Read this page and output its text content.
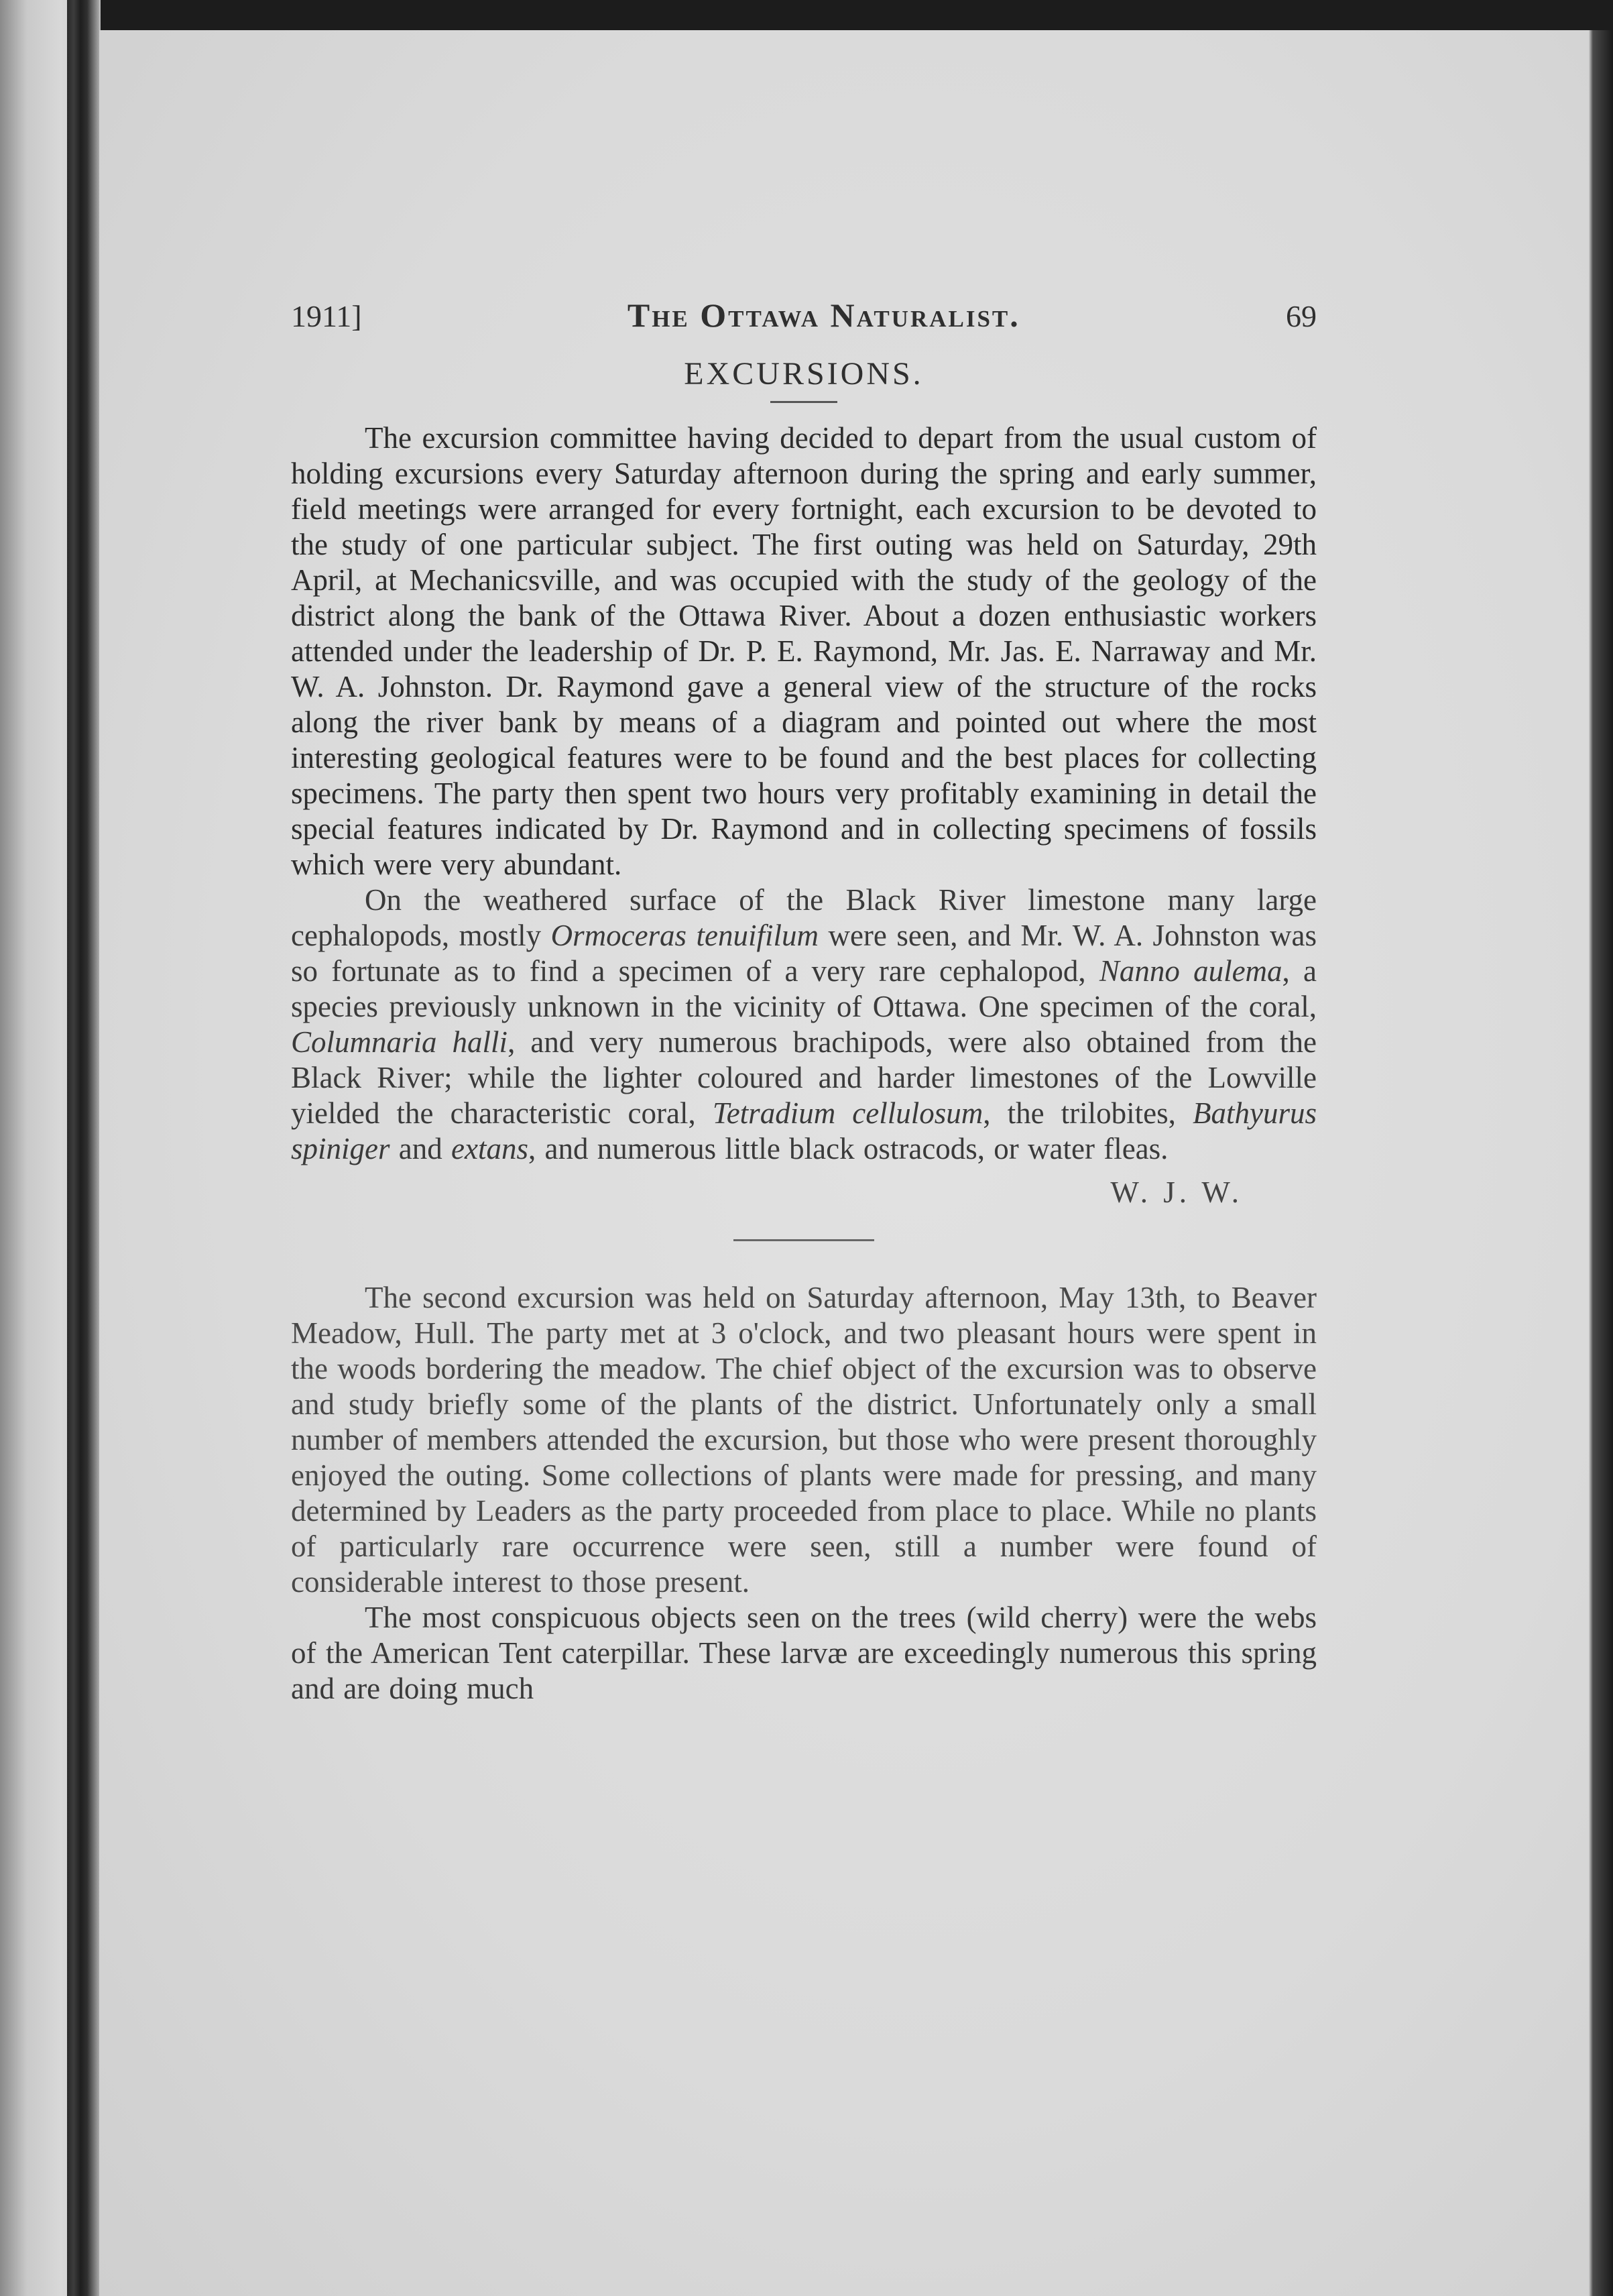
1911]	The Ottawa Naturalist.	69
EXCURSIONS.

The excursion committee having decided to depart from the usual custom of holding excursions every Saturday afternoon during the spring and early summer, field meetings were arranged for every fortnight, each excursion to be devoted to the study of one particular subject. The first outing was held on Saturday, 29th April, at Mechanicsville, and was occupied with the study of the geology of the district along the bank of the Ottawa River. About a dozen enthusiastic workers attended under the leadership of Dr. P. E. Raymond, Mr. Jas. E. Narraway and Mr. W. A. Johnston. Dr. Raymond gave a general view of the structure of the rocks along the river bank by means of a diagram and pointed out where the most interesting geological features were to be found and the best places for collecting specimens. The party then spent two hours very profitably examining in detail the special features indicated by Dr. Raymond and in collecting specimens of fossils which were very abundant.

On the weathered surface of the Black River limestone many large cephalopods, mostly Ormoceras tenuifilum were seen, and Mr. W. A. Johnston was so fortunate as to find a specimen of a very rare cephalopod, Nanno aulema, a species previously unknown in the vicinity of Ottawa. One specimen of the coral, Columnaria halli, and very numerous brachipods, were also obtained from the Black River; while the lighter coloured and harder limestones of the Lowville yielded the characteristic coral, Tetradium cellulosum, the trilobites, Bathyurus spiniger and extans, and numerous little black ostracods, or water fleas.

W. J. W.

The second excursion was held on Saturday afternoon, May 13th, to Beaver Meadow, Hull. The party met at 3 o'clock, and two pleasant hours were spent in the woods bordering the meadow. The chief object of the excursion was to observe and study briefly some of the plants of the district. Unfortunately only a small number of members attended the excursion, but those who were present thoroughly enjoyed the outing. Some collections of plants were made for pressing, and many determined by Leaders as the party proceeded from place to place. While no plants of particularly rare occurrence were seen, still a number were found of considerable interest to those present.

The most conspicuous objects seen on the trees (wild cherry) were the webs of the American Tent caterpillar. These larvæ are exceedingly numerous this spring and are doing much
